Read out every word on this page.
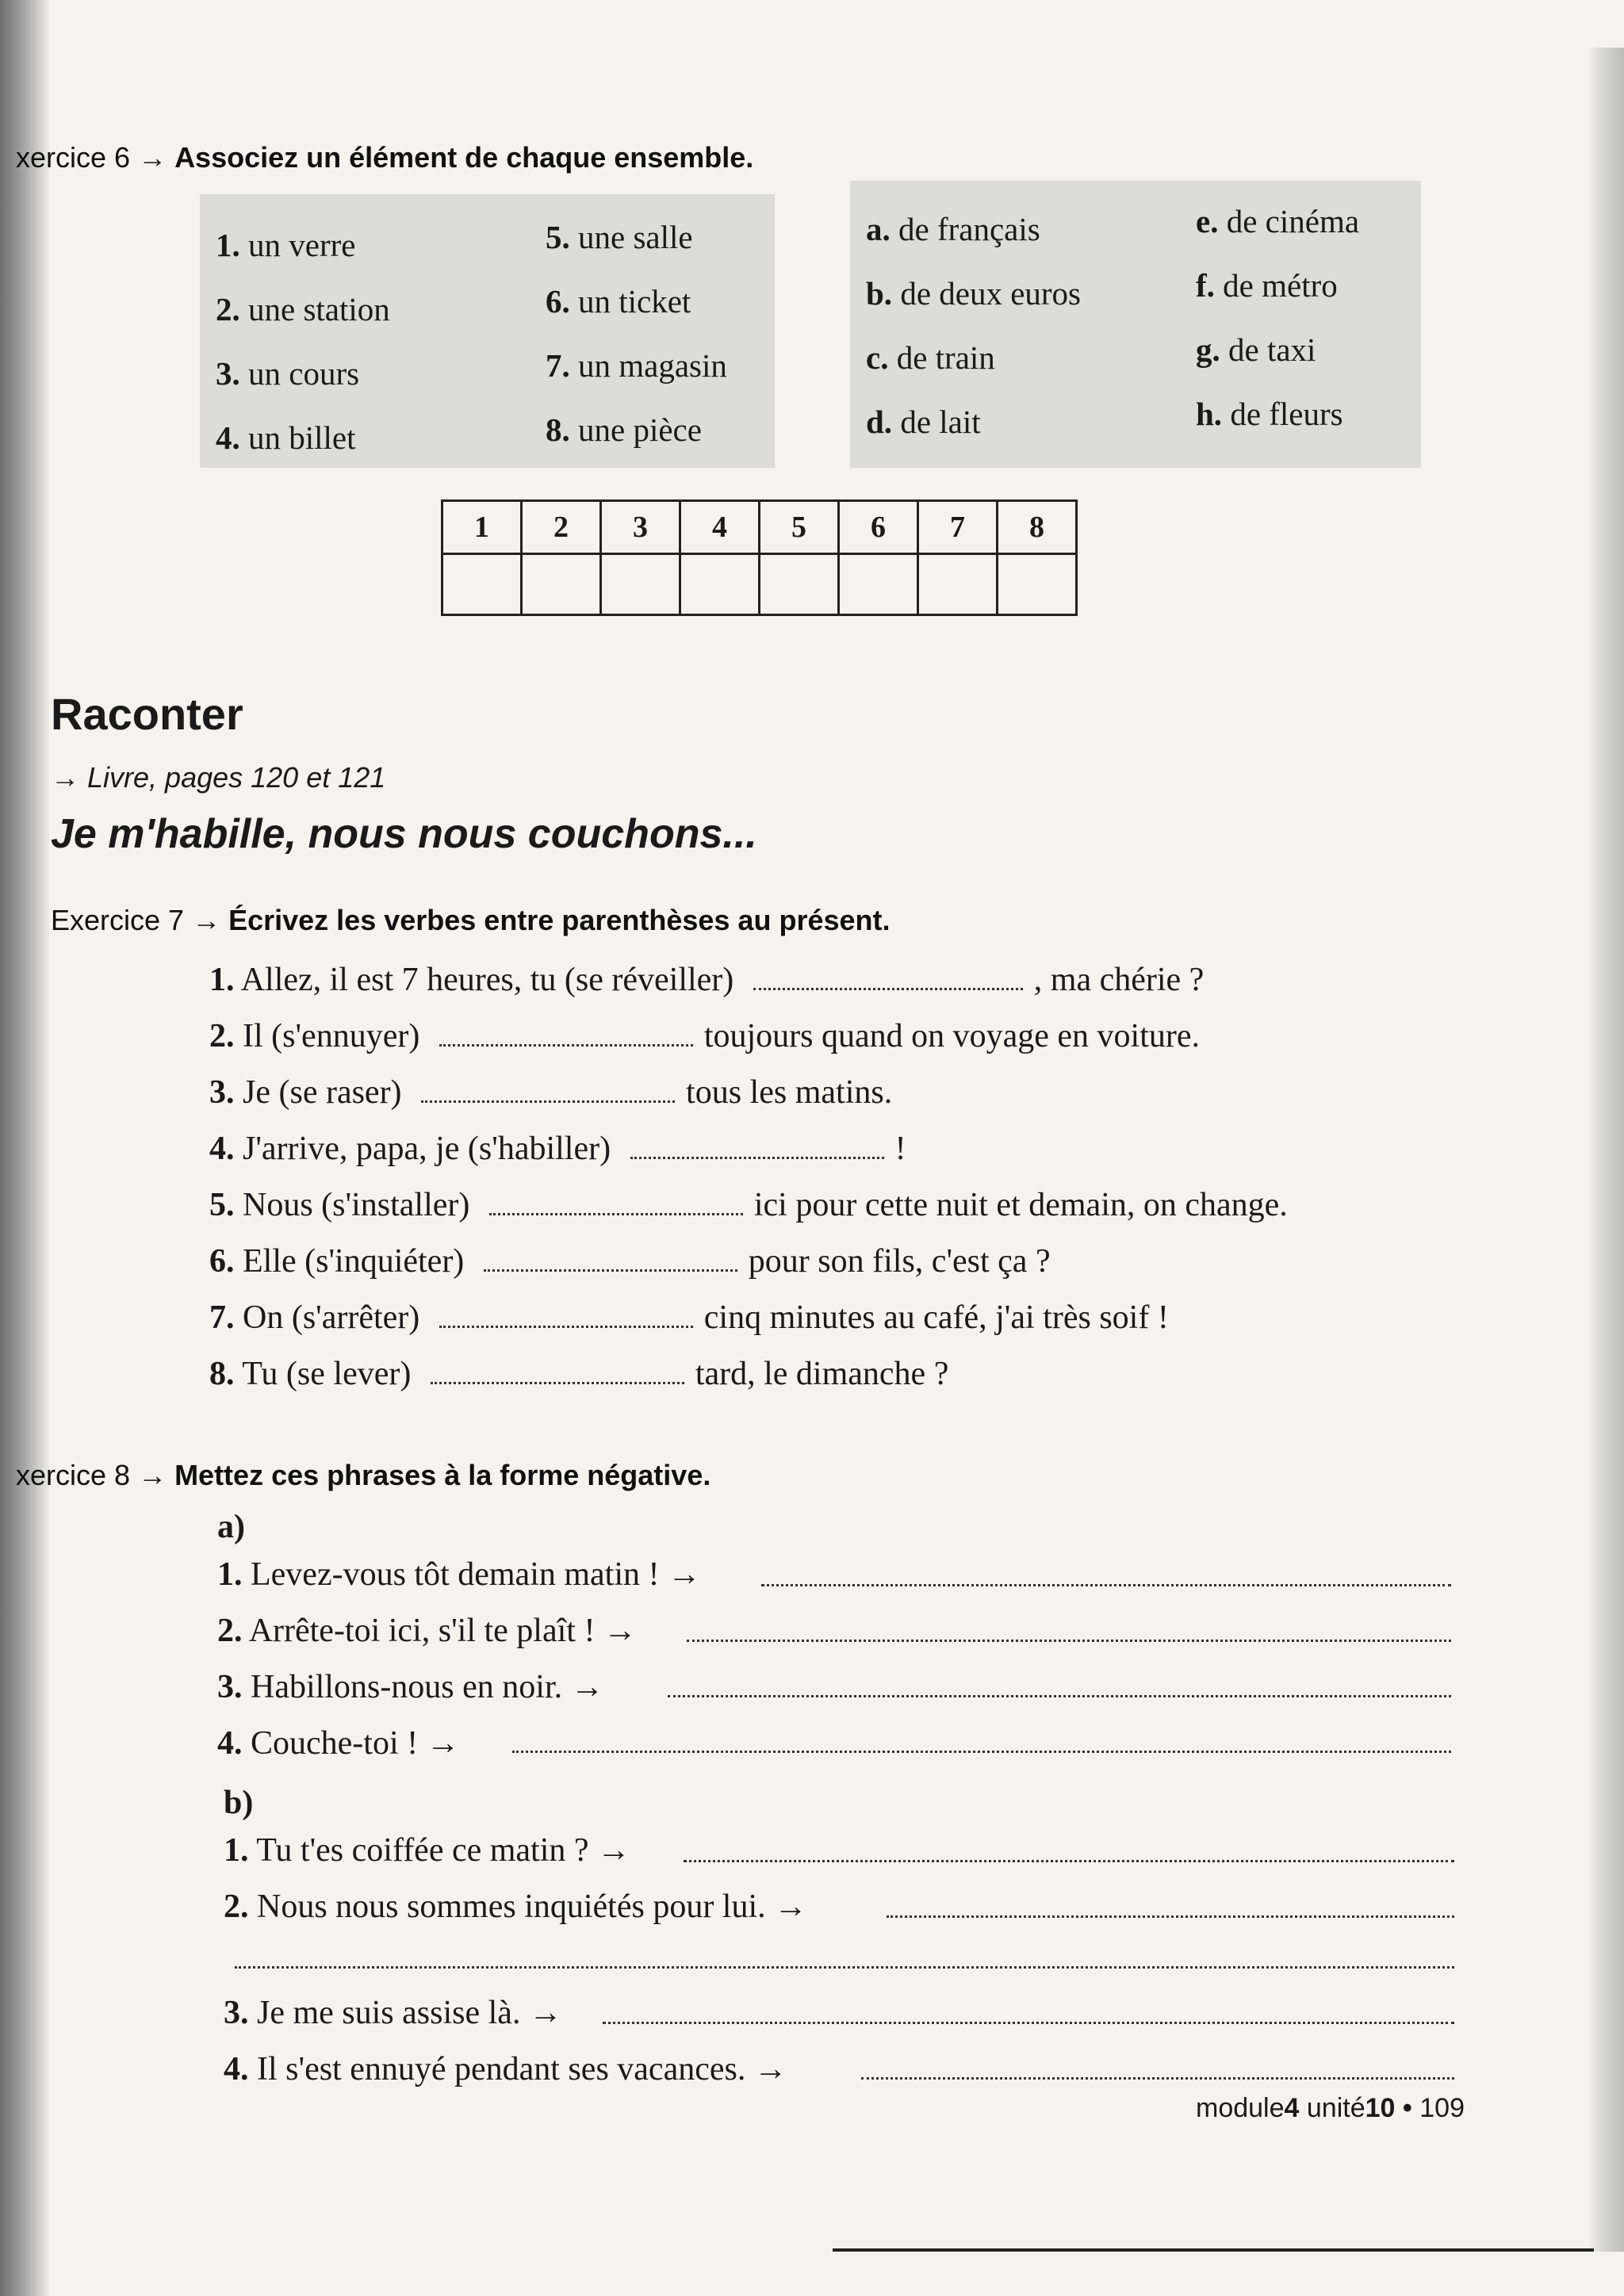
xercice 6 → Associez un élément de chaque ensemble.
1. un verre
2. une station
3. un cours
4. un billet
5. une salle
6. un ticket
7. un magasin
8. une pièce
a. de français
b. de deux euros
c. de train
d. de lait
e. de cinéma
f. de métro
g. de taxi
h. de fleurs
1	2	3	4	5	6	7	8

Raconter
→ Livre, pages 120 et 121
Je m'habille, nous nous couchons...
Exercice 7 → Écrivez les verbes entre parenthèses au présent.
1. Allez, il est 7 heures, tu (se réveiller)	, ma chérie ?
2. Il (s'ennuyer)	toujours quand on voyage en voiture.
3. Je (se raser)	tous les matins.
4. J'arrive, papa, je (s'habiller)	!
5. Nous (s'installer)	ici pour cette nuit et demain, on change.
6. Elle (s'inquiéter)	pour son fils, c'est ça ?
7. On (s'arrêter)	cinq minutes au café, j'ai très soif !
8. Tu (se lever)	tard, le dimanche ?
xercice 8 → Mettez ces phrases à la forme négative.
a)
1. Levez-vous tôt demain matin ! →
2. Arrête-toi ici, s'il te plaît ! →
3. Habillons-nous en noir. →
4. Couche-toi ! →
b)
1. Tu t'es coiffée ce matin ? →
2. Nous nous sommes inquiétés pour lui. →
3. Je me suis assise là. →
4. Il s'est ennuyé pendant ses vacances. →
module4 unité10 • 109
